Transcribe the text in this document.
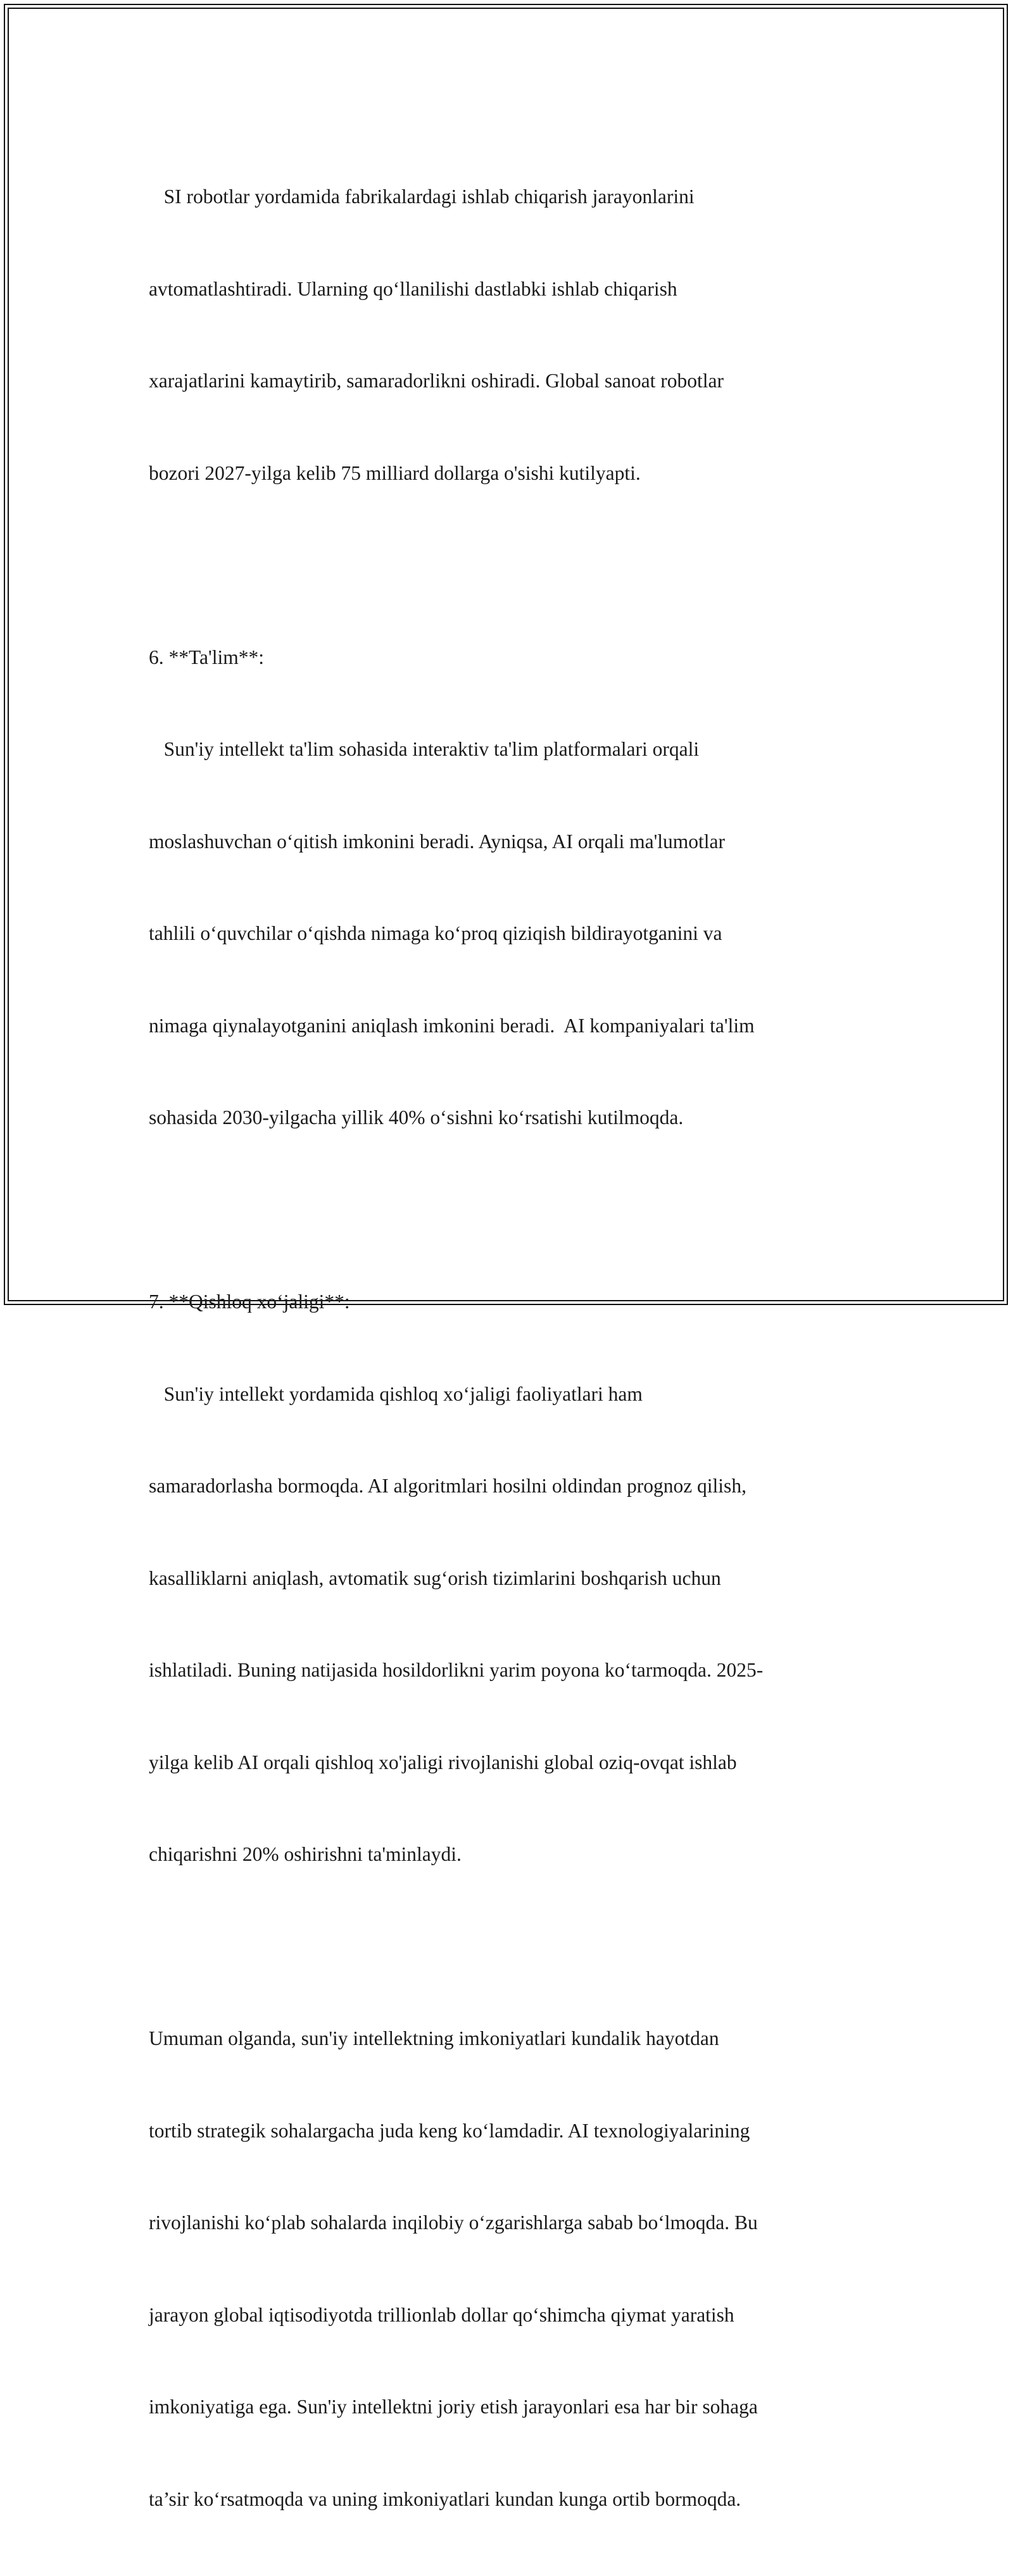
SI robotlar yordamida fabrikalardagi ishlab chiqarish jarayonlarini

avtomatlashtiradi. Ularning qo‘llanilishi dastlabki ishlab chiqarish

xarajatlarini kamaytirib, samaradorlikni oshiradi. Global sanoat robotlar

bozori 2027-yilga kelib 75 milliard dollarga o'sishi kutilyapti.

6. **Ta'lim**:

Sun'iy intellekt ta'lim sohasida interaktiv ta'lim platformalari orqali

moslashuvchan o‘qitish imkonini beradi. Ayniqsa, AI orqali ma'lumotlar

tahlili o‘quvchilar o‘qishda nimaga ko‘proq qiziqish bildirayotganini va

nimaga qiynalayotganini aniqlash imkonini beradi.  AI kompaniyalari ta'lim

sohasida 2030-yilgacha yillik 40% o‘sishni ko‘rsatishi kutilmoqda.

7. **Qishloq xo‘jaligi**:

Sun'iy intellekt yordamida qishloq xo‘jaligi faoliyatlari ham

samaradorlasha bormoqda. AI algoritmlari hosilni oldindan prognoz qilish,

kasalliklarni aniqlash, avtomatik sug‘orish tizimlarini boshqarish uchun

ishlatiladi. Buning natijasida hosildorlikni yarim poyona ko‘tarmoqda. 2025-

yilga kelib AI orqali qishloq xo'jaligi rivojlanishi global oziq-ovqat ishlab

chiqarishni 20% oshirishni ta'minlaydi.

Umuman olganda, sun'iy intellektning imkoniyatlari kundalik hayotdan

tortib strategik sohalargacha juda keng ko‘lamdadir. AI texnologiyalarining

rivojlanishi ko‘plab sohalarda inqilobiy o‘zgarishlarga sabab bo‘lmoqda. Bu

jarayon global iqtisodiyotda trillionlab dollar qo‘shimcha qiymat yaratish

imkoniyatiga ega. Sun'iy intellektni joriy etish jarayonlari esa har bir sohaga

ta’sir ko‘rsatmoqda va uning imkoniyatlari kundan kunga ortib bormoqda.
